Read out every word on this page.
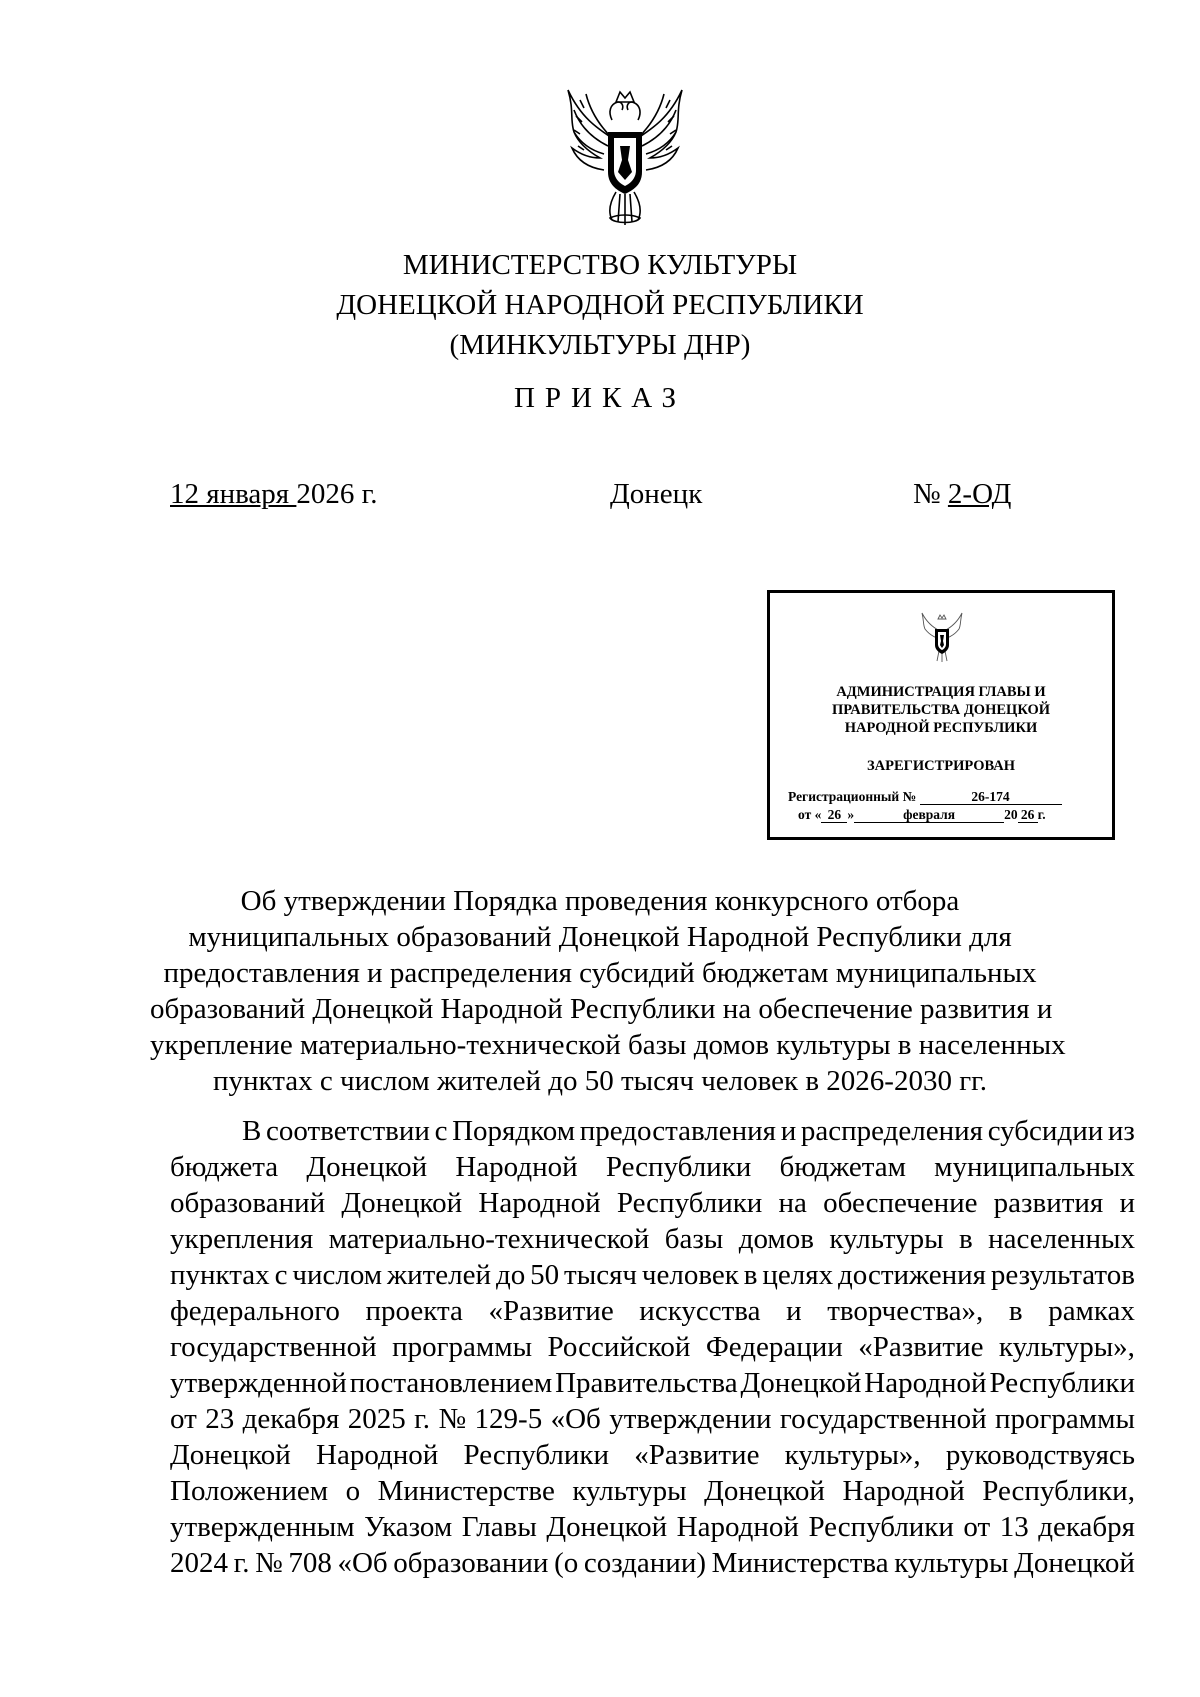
МИНИСТЕРСТВО КУЛЬТУРЫ
ДОНЕЦКОЙ НАРОДНОЙ РЕСПУБЛИКИ
(МИНКУЛЬТУРЫ ДНР)
ПРИКАЗ
12 января 2026 г.	Донецк	№ 2-ОД
АДМИНИСТРАЦИЯ ГЛАВЫ И
ПРАВИТЕЛЬСТВА ДОНЕЦКОЙ
НАРОДНОЙ РЕСПУБЛИКИ
ЗАРЕГИСТРИРОВАН
Регистрационный №	26-174
от « 26 »	февраля	20 26 г.
Об утверждении Порядка проведения конкурсного отбора
муниципальных образований Донецкой Народной Республики для
предоставления и распределения субсидий бюджетам муниципальных
образований Донецкой Народной Республики на обеспечение развития и
укрепление материально-технической базы домов культуры в населенных
пунктах с числом жителей до 50 тысяч человек в 2026-2030 гг.
В соответствии с Порядком предоставления и распределения субсидии из
бюджета Донецкой Народной Республики бюджетам муниципальных
образований Донецкой Народной Республики на обеспечение развития и
укрепления материально-технической базы домов культуры в населенных
пунктах с числом жителей до 50 тысяч человек в целях достижения результатов
федерального проекта «Развитие искусства и творчества», в рамках
государственной программы Российской Федерации «Развитие культуры»,
утвержденной постановлением Правительства Донецкой Народной Республики
от 23 декабря 2025 г. № 129-5 «Об утверждении государственной программы
Донецкой Народной Республики «Развитие культуры», руководствуясь
Положением о Министерстве культуры Донецкой Народной Республики,
утвержденным Указом Главы Донецкой Народной Республики от 13 декабря
2024 г. № 708 «Об образовании (о создании) Министерства культуры Донецкой
